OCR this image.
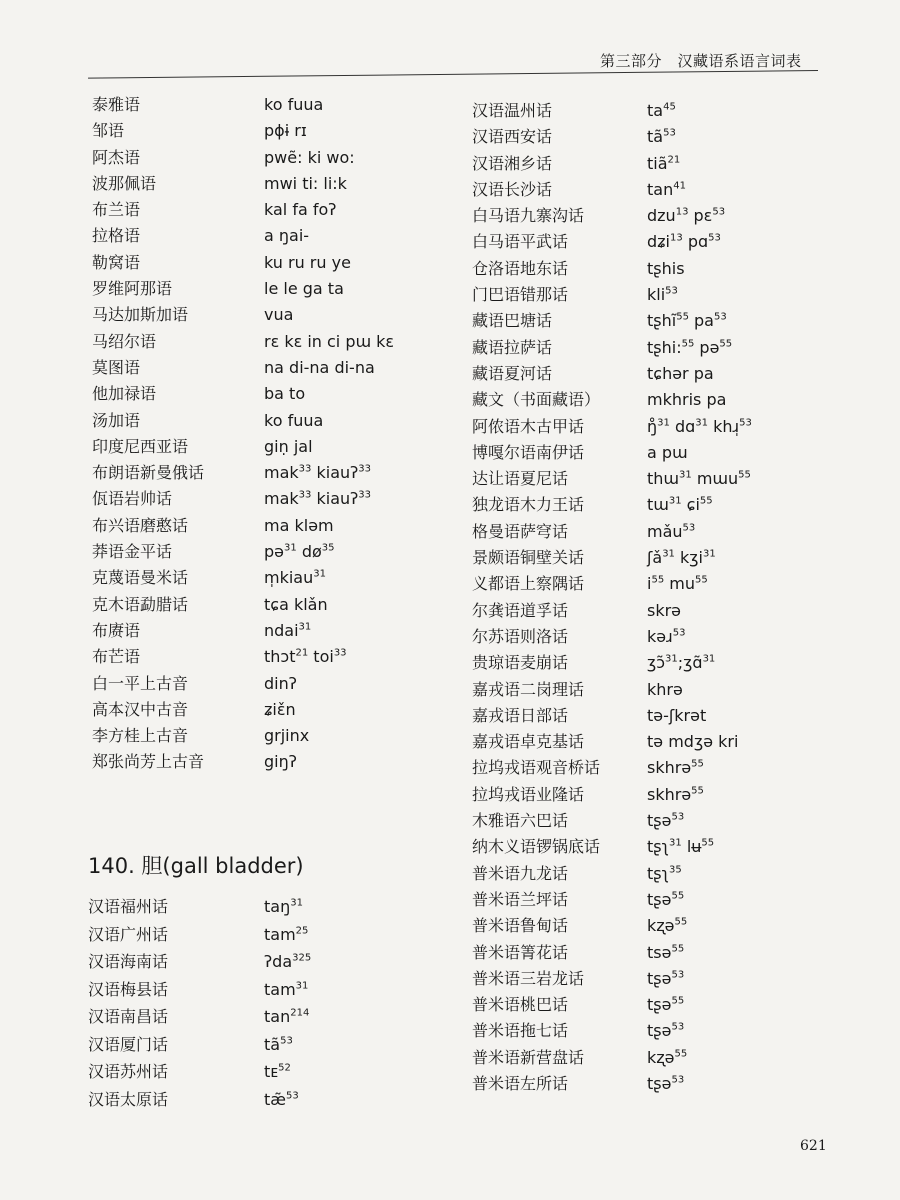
第三部分　汉藏语系语言词表
泰雅语	ko fuua
邹语	pɸɨ rɪ
阿杰语	pwẽ: ki wo:
波那佩语	mwi ti: li:k
布兰语	kal fa foʔ
拉格语	a ŋai-
勒窝语	ku ru ru ye
罗维阿那语	le le ga ta
马达加斯加语	vua
马绍尔语	rɛ kɛ in ci pɯ kɛ
莫图语	na di-na di-na
他加禄语	ba to
汤加语	ko fuua
印度尼西亚语	giṇ jal
布朗语新曼俄话	mak$^{33}$ kiauʔ$^{33}$
佤语岩帅话	mak$^{33}$ kiauʔ$^{33}$
布兴语磨憨话	ma kləm
莽语金平话	pə$^{31}$ $dø^{35}$
克蔑语曼米话	m̩kiau$^{31}$
克木语勐腊话	tɕa klǎn
布赓语	ndai$^{31}$
布芒语	thɔt$^{21}$ toi$^{33}$
白一平上古音	dinʔ
高本汉中古音	ʑiɛ̌n
李方桂上古音	grjinx
郑张尚芳上古音	giŋʔ
140. 胆(gall bladder)
汉语福州话	taŋ$^{31}$
汉语广州话	tam$^{25}$
汉语海南话	ʔda$^{325}$
汉语梅县话	tam$^{31}$
汉语南昌话	$\tan^{214}$
汉语厦门话	$tã^{53}$
汉语苏州话	tᴇ$^{52}$
汉语太原话	tæ̃$^{53}$
汉语温州话	$ta^{45}$
汉语西安话	$tã^{53}$
汉语湘乡话	tiã$^{21}$
汉语长沙话	$\tan^{41}$
白马语九寨沟话	dzu$^{13}$ pɛ$^{53}$
白马语平武话	dʑi$^{13}$ pɑ$^{53}$
仓洛语地东话	tʂhis
门巴语错那话	kli$^{53}$
藏语巴塘话	tʂhĩ$^{55}$ $pa^{53}$
藏语拉萨话	tʂhi:$^{55}$ pə$^{55}$
藏语夏河话	tɕhər pa
藏文（书面藏语）	mkhris pa
阿侬语木古甲话	ŋ̊$^{31}$ dɑ$^{31}$ khɹ̩$^{53}$
博嘎尔语南伊话	a pɯ
达让语夏尼话	thɯ$^{31}$ mɯu$^{55}$
独龙语木力王话	tɯ$^{31}$ ɕi$^{55}$
格曼语萨穹话	mǎu$^{53}$
景颇语铜壁关话	ʃǎ$^{31}$ kʒi$^{31}$
义都语上察隅话	$i^{55}$ $mu^{55}$
尔龚语道孚话	skrə
尔苏语则洛话	kəɹ$^{53}$
贵琼语麦崩话	ʒɔ̃$^{31}$;ʒɑ̃$^{31}$
嘉戎语二岗理话	khrə
嘉戎语日部话	tə-ʃkrət
嘉戎语卓克基话	tə mdʒə kri
拉坞戎语观音桥话	skhrə$^{55}$
拉坞戎语业隆话	skhrə$^{55}$
木雅语六巴话	tʂə$^{53}$
纳木义语锣锅底话	tʂʅ$^{31}$ lʉ$^{55}$
普米语九龙话	tʂʅ$^{35}$
普米语兰坪话	tʂə$^{55}$
普米语鲁甸话	kʐə$^{55}$
普米语箐花话	tsə$^{55}$
普米语三岩龙话	tʂə$^{53}$
普米语桃巴话	tʂə$^{55}$
普米语拖七话	tʂə$^{53}$
普米语新营盘话	kʐə$^{55}$
普米语左所话	tʂə$^{53}$
621
